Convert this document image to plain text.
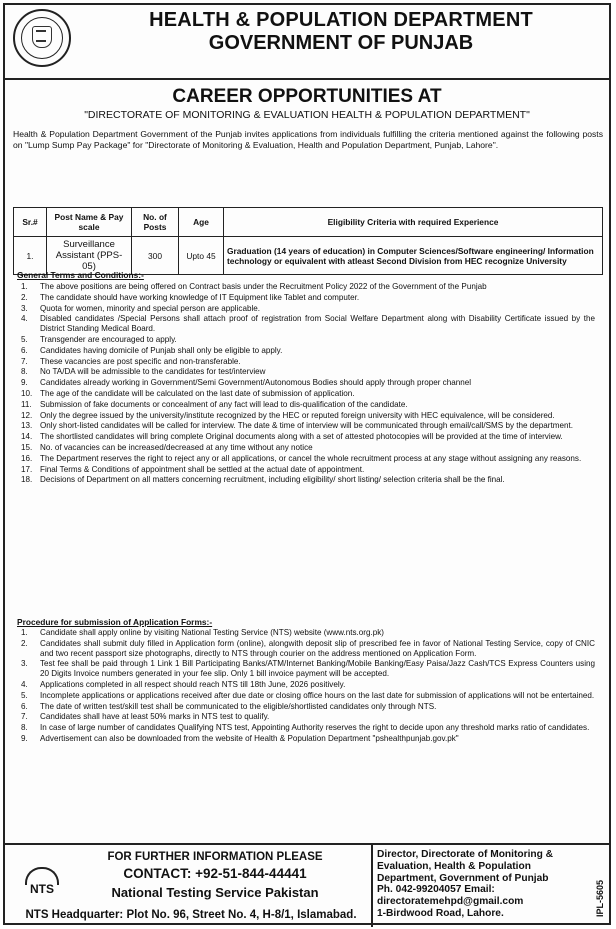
HEALTH & POPULATION DEPARTMENT
GOVERNMENT OF PUNJAB
CAREER OPPORTUNITIES AT
"DIRECTORATE OF MONITORING & EVALUATION HEALTH & POPULATION DEPARTMENT"
Health & Population Department Government of the Punjab invites applications from individuals fulfilling the criteria mentioned against the following posts on "Lump Sump Pay Package" for "Directorate of Monitoring & Evaluation, Health and Population Department, Punjab, Lahore".
Sr.#	Post Name & Pay scale	No. of Posts	Age	Eligibility Criteria with required Experience
1.	Surveillance Assistant (PPS-05)	300	Upto 45	Graduation (14 years of education) in Computer Sciences/Software engineering/ Information technology or equivalent with atleast Second Division from HEC recognize University
General Terms and Conditions:-
1. The above positions are being offered on Contract basis under the Recruitment Policy 2022 of the Government of the Punjab
2. The candidate should have working knowledge of IT Equipment like Tablet and computer.
3. Quota for women, minority and special person are applicable.
4. Disabled candidates /Special Persons shall attach proof of registration from Social Welfare Department along with Disability Certificate issued by the District Standing Medical Board.
5. Transgender are encouraged to apply.
6. Candidates having domicile of Punjab shall only be eligible to apply.
7. These vacancies are post specific and non-transferable.
8. No TA/DA will be admissible to the candidates for test/interview
9. Candidates already working in Government/Semi Government/Autonomous Bodies should apply through proper channel
10. The age of the candidate will be calculated on the last date of submission of application.
11. Submission of fake documents or concealment of any fact will lead to dis-qualification of the candidate.
12. Only the degree issued by the university/institute recognized by the HEC or reputed foreign university with HEC equivalence, will be considered.
13. Only short-listed candidates will be called for interview. The date & time of interview will be communicated through email/call/SMS by the department.
14. The shortlisted candidates will bring complete Original documents along with a set of attested photocopies will be provided at the time of interview.
15. No. of vacancies can be increased/decreased at any time without any notice
16. The Department reserves the right to reject any or all applications, or cancel the whole recruitment process at any stage without assigning any reasons.
17. Final Terms & Conditions of appointment shall be settled at the actual date of appointment.
18. Decisions of Department on all matters concerning recruitment, including eligibility/ short listing/ selection criteria shall be the final.
Procedure for submission of Application Forms:-
1. Candidate shall apply online by visiting National Testing Service (NTS) website (www.nts.org.pk)
2. Candidates shall submit duly filled in Application form (online), alongwith deposit slip of prescribed fee in favor of National Testing Service, copy of CNIC and two recent passport size photographs, directly to NTS through courier on the address mentioned on Application Form.
3. Test fee shall be paid through 1 Link 1 Bill Participating Banks/ATM/Internet Banking/Mobile Banking/Easy Paisa/Jazz Cash/TCS Express Counters using 20 Digits Invoice numbers generated in your fee slip. Only 1 bill invoice payment will be accepted.
4. Applications completed in all respect should reach NTS till 18th June, 2026 positively.
5. Incomplete applications or applications received after due date or closing office hours on the last date for submission of applications will not be entertained.
6. The date of written test/skill test shall be communicated to the eligible/shortlisted candidates only through NTS.
7. Candidates shall have at least 50% marks in NTS test to qualify.
8. In case of large number of candidates Qualifying NTS test, Appointing Authority reserves the right to decide upon any threshold marks ratio of candidates.
9. Advertisement can also be downloaded from the website of Health & Population Department "pshealthpunjab.gov.pk"
NTS
FOR FURTHER INFORMATION PLEASE
CONTACT: +92-51-844-44441
National Testing Service Pakistan
NTS Headquarter: Plot No. 96, Street No. 4, H-8/1, Islamabad.
Director, Directorate of Monitoring &
Evaluation, Health & Population
Department, Government of Punjab
Ph. 042-99204057 Email:
directoratemehpd@gmail.com
1-Birdwood Road, Lahore.	IPL-5605
